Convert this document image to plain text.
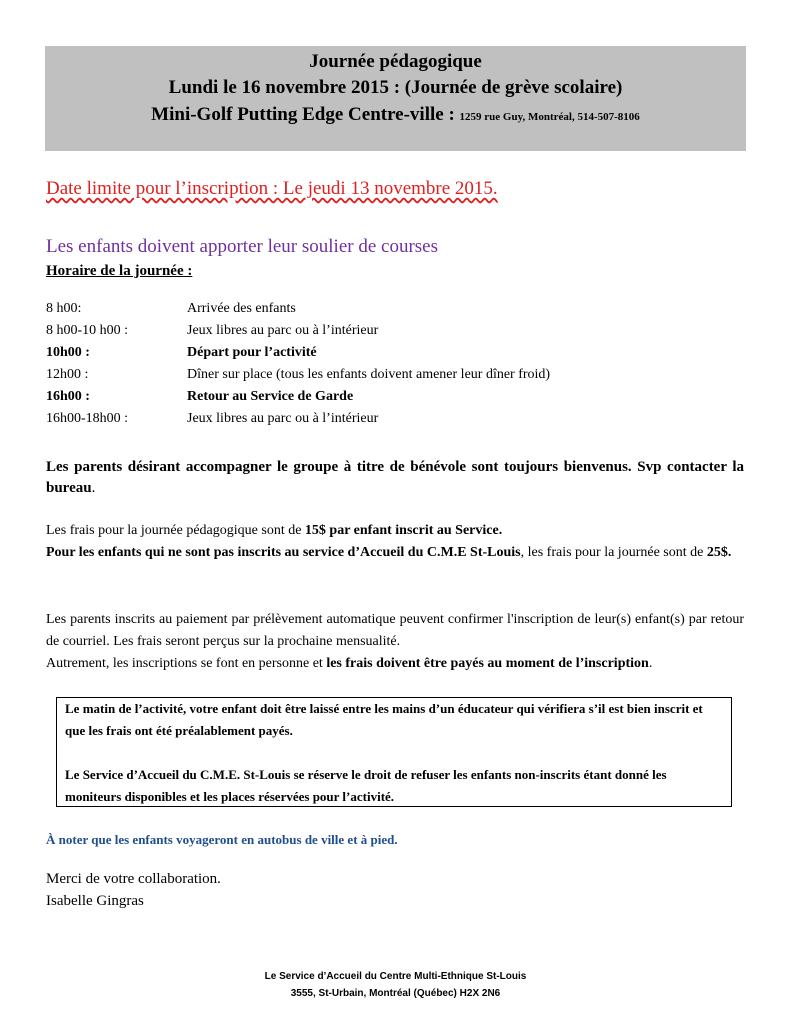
Journée pédagogique
Lundi le 16 novembre 2015 : (Journée de grève scolaire)
Mini-Golf Putting Edge Centre-ville : 1259 rue Guy, Montréal, 514-507-8106
Date limite pour l’inscription : Le jeudi 13 novembre 2015.
Les enfants doivent apporter leur soulier de courses
Horaire de la journée :
8 h00:	Arrivée des enfants
8 h00-10 h00 :	Jeux libres au parc ou à l’intérieur
10h00 :	Départ pour l’activité
12h00 :	Dîner sur place (tous les enfants doivent amener leur dîner froid)
16h00 :	Retour au Service de Garde
16h00-18h00 :	Jeux libres au parc ou à l’intérieur
Les parents désirant accompagner le groupe à titre de bénévole sont toujours bienvenus. Svp contacter la bureau.
Les frais pour la journée pédagogique sont de 15$ par enfant inscrit au Service.
Pour les enfants qui ne sont pas inscrits au service d’Accueil du C.M.E St-Louis, les frais pour la journée sont de 25$.
Les parents inscrits au paiement par prélèvement automatique peuvent confirmer l'inscription de leur(s) enfant(s) par retour de courriel. Les frais seront perçus sur la prochaine mensualité.
Autrement, les inscriptions se font en personne et les frais doivent être payés au moment de l’inscription.

Le matin de l’activité, votre enfant doit être laissé entre les mains d’un éducateur qui vérifiera s’il est bien inscrit et que les frais ont été préalablement payés.

Le Service d’Accueil du C.M.E. St-Louis se réserve le droit de refuser les enfants non-inscrits étant donné les moniteurs disponibles et les places réservées pour l’activité.

À noter que les enfants voyageront en autobus de ville et à pied.
Merci de votre collaboration.
Isabelle Gingras
Le Service d’Accueil du Centre Multi-Ethnique St-Louis
3555, St-Urbain, Montréal (Québec) H2X 2N6
